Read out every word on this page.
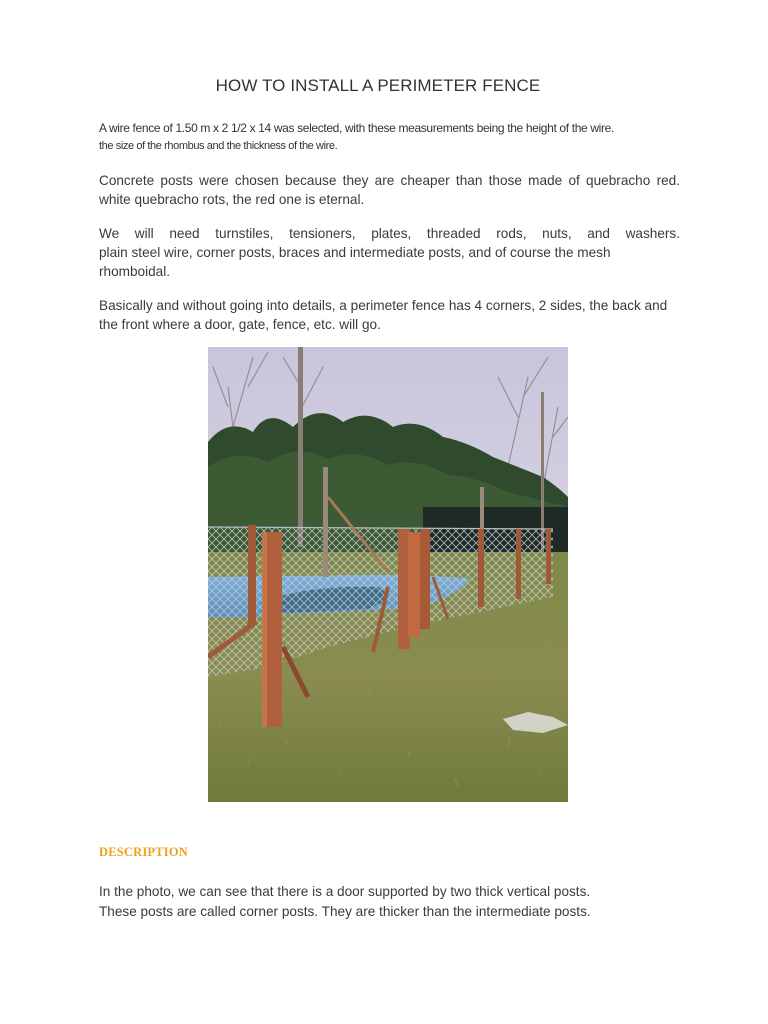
HOW TO INSTALL A PERIMETER FENCE
A wire fence of 1.50 m x 2 1/2 x 14 was selected, with these measurements being the height of the wire.
the size of the rhombus and the thickness of the wire.
Concrete posts were chosen because they are cheaper than those made of quebracho red.
white quebracho rots, the red one is eternal.
We will need turnstiles, tensioners, plates, threaded rods, nuts, and washers.
plain steel wire, corner posts, braces and intermediate posts, and of course the mesh
rhomboidal.
Basically and without going into details, a perimeter fence has 4 corners, 2 sides, the back and
the front where a door, gate, fence, etc. will go.
DESCRIPTION
In the photo, we can see that there is a door supported by two thick vertical posts.
These posts are called corner posts. They are thicker than the intermediate posts.
